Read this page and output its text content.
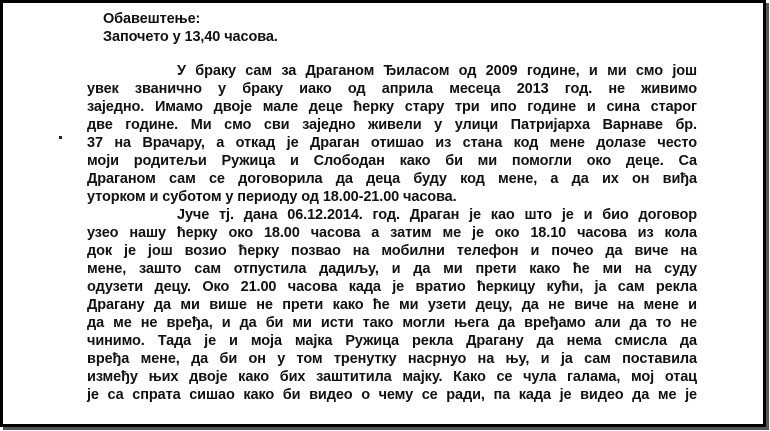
Обавештење:
Започето у 13,40 часова.
У браку сам за Драганом Ђиласом од 2009 године, и ми смо још
увек званично у браку иако од априла месеца 2013 год. не живимо
заједно. Имамо двоје мале деце ћерку стару три ипо године и сина старог
две године. Ми смо сви заједно живели у улици Патријарха Варнаве бр.
37 на Врачару, а откад је Драган отишао из стана код мене долазе често
моји родитељи Ружица и Слободан како би ми помогли око деце. Са
Драганом сам се договорила да деца буду код мене, а да их он виђа
уторком и суботом у периоду од 18.00-21.00 часова.
Јуче тј. дана 06.12.2014. год. Драган је као што је и био договор
узео нашу ћерку око 18.00 часова а затим ме је око 18.10 часова из кола
док је још возио ћерку позвао на мобилни телефон и почео да виче на
мене, зашто сам отпустила дадиљу, и да ми прети како ће ми на суду
одузети децу. Око 21.00 часова када је вратио ћеркицу кући, ја сам рекла
Драгану да ми више не прети како ће ми узети децу, да не виче на мене и
да ме не вређа, и да би ми исти тако могли њега да вређамо али да то не
чинимо. Тада је и моја мајка Ружица рекла Драгану да нема смисла да
вређа мене, да би он у том тренутку насрнуо на њу, и ја сам поставила
између њих двоје како бих заштитила мајку. Како се чула галама, мој отац
је са спрата сишао како би видео о чему се ради, па када је видео да ме је
